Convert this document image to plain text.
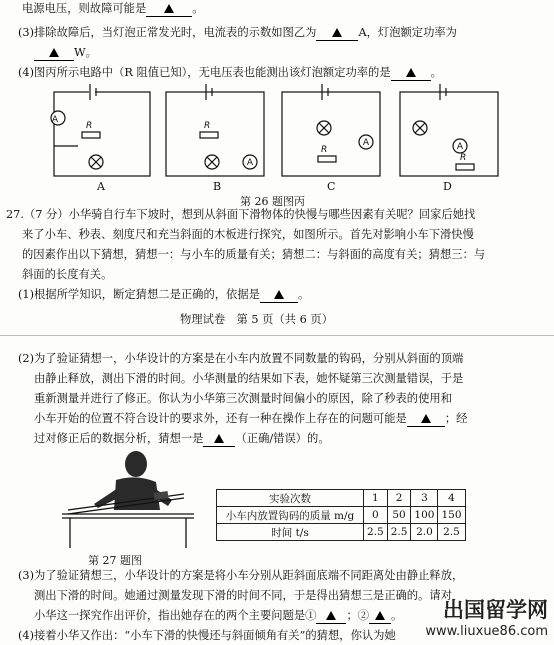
电源电压，则故障可能是	。
(3)排除故障后，当灯泡正常发光时，电流表的示数如图乙为	A，灯泡额定功率为
W。
(4)图丙所示电路中（R 阻值已知），无电压表也能测出该灯泡额定功率的是	。
A
R
A
R
A
R	A
R
A	B	C	D
第 26 题图丙
27.（7 分）小华骑自行车下坡时，想到从斜面下滑物体的快慢与哪些因素有关呢？回家后她找
来了小车、秒表、刻度尺和充当斜面的木板进行探究，如图所示。首先对影响小车下滑快慢
的因素作出以下猜想，猜想一：与小车的质量有关；猜想二：与斜面的高度有关；猜想三：与
斜面的长度有关。
(1)根据所学知识，断定猜想二是正确的，依据是	。
物理试卷　第 5 页（共 6 页）
(2)为了验证猜想一，小华设计的方案是在小车内放置不同数量的钩码，分别从斜面的顶端
由静止释放，测出下滑的时间。小华测量的结果如下表，她怀疑第三次测量错误，于是
重新测量并进行了修正。你认为小华第三次测量时间偏小的原因，除了秒表的使用和
小车开始的位置不符合设计的要求外，还有一种在操作上存在的问题可能是	；经
过对修正后的数据分析，猜想一是	（正确/错误）的。
第 27 题图
实验次数	1	2	3	4
小车内放置钩码的质量 m/g	0	50	100	150
时间 t/s	2.5	2.5	2.0	2.5
(3)为了验证猜想三，小华设计的方案是将小车分别从距斜面底端不同距离处由静止释放，
测出下滑的时间。她通过测量发现下滑的时间不同，于是得出猜想三是正确的。请对
小华这一探究作出评价，指出她存在的两个主要问题是①	；② 。
(4)接着小华又作出：“小车下滑的快慢还与斜面倾角有关”的猜想，你认为她
出国留学网
www.liuxue86.com
